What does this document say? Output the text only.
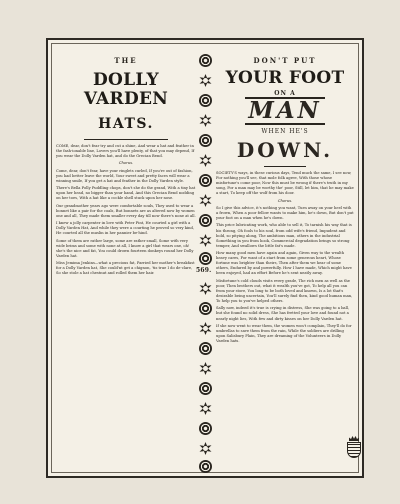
THE
DOLLY VARDEN
HATS.

COME, dear, don't fear try and cut a shine, And wear a hat and feather in the fash-ionable line, Lovers you'll have plenty, of that you may depend, If you wear the Dolly Varden hat, and do the Grecian Bend.

Chorus.

Come, dear, don't fear, have your ringlets curled, If you're out of fashion, you had better leave the world, Your sweet and pretty faces will wear a winning smile, If you get a hat and feather in the Dolly Varden style.

There's Bella Polly Puddling chops, don't she do the grand, With a tiny hat upon her head, no bigger than your hand, And this Grecian Bend nodding on her toes, With a hat like a cockle shell stuck upon her nose.

Our grandmother years ago were comfortable souls, They used to wear a bonnet like a pair for the coals, But bonnets are as altered now by women one and all, They made them smaller every day till now there's none at all.

I knew a jolly carpenter in love with Peter Pint, He courted a girl with a Dolly Varden Hat, And while they were a courting he proved so very kind, He courted all the muslin in her pannier be-hind.

Some of them are rather large, some are rather small, Some with very wide brims and some with none at all, I know a girl that wears one, oh! she's the nice and fat, You could drown fourteen donkeys round her Dolly Varden hat.

Miss Jemima Jenkins—what a precious fat, Parried her mother's breakfast for a Dolly Varden hat, She could'nt get a chignon, 'tis true I do de-clare, So she stole a hat chestnut and rolled them her hair.	569.
DON'T PUT
YOUR FOOT
ON A
MAN
WHEN HE'S
DOWN.

SOCIETY'S ways, in these curious days, Tend much the same, I see now, For nothing you'll see, that mole folk agree, With those whose misfortune's come poor, Now this must be wrong if there's truth in my song, For a man may be worthy the' poor, Still, let him, that he may make a start, To keep off the wolf from his door.

Chorus.

So I give this advice, it's nothing you want, Turn away on your heel with a frown, When a poor fellow wants to make him, he's down, But don't put your foot on a man when he's down.

This price lubricating work, who able to sell it, To tarnish his way that is his throng, Oh fools to his soul, from odd wife's friend, Impudent and bold, so pitying along, The ambitious man, others in the industrial Something in you from hook, Commercial degradation brings so strong temper, And swallows the little fat's made.

How many good men have again and again, Given way to the wealth heavy cares, For want of a start from some generous heart, Whose fortune was brighter than theirs, Then after them we hear of some others, Endured by and powerfully. How I have made, Which might have been enjoyed, had an effort Before he's sent neatly away.

Misfortune's cold clouds visits every grade, The rich men as well as the poor, Then brothers out, what it wealth you've got, To help all you can from your store, You long to be both loved and known, Is a lot that's desirable being uncertain, You'll surely find then, kind good human man, To help you to you've helped others.

Sally now, indeed it's true is crying in distress, She was going to a ball, but she found no solid dress, She has fretted your love and found not a nearly night lies, With few and dirty kisses on her Dolly Varden hat.

If she now went to wear them, the women won't complain, They'll do for umbrellas to save them from the rain, While the soldiers are drilling upon Salisbury Plain, They are dreaming of the Volunteers in Dolly Varden hats.
